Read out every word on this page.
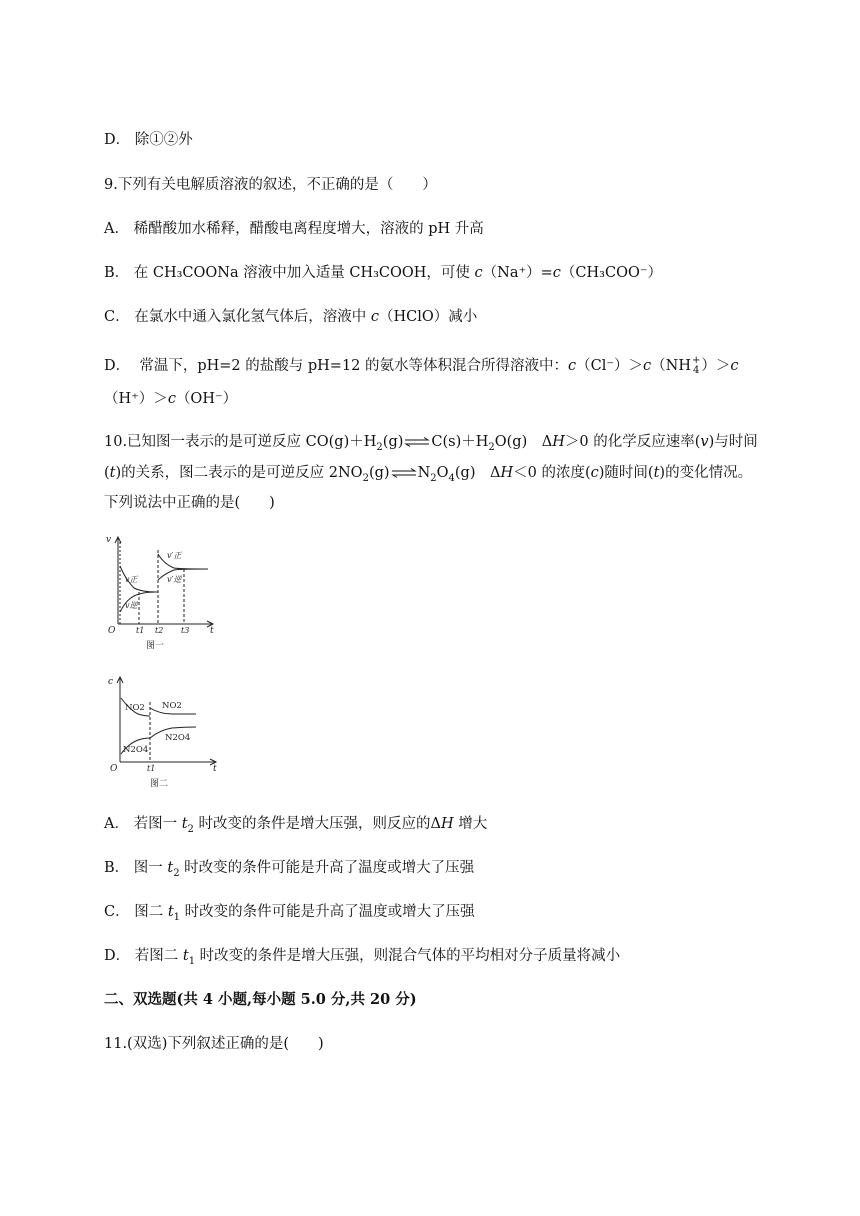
D． 除①②外
9.下列有关电解质溶液的叙述，不正确的是（　　）
A． 稀醋酸加水稀释，醋酸电离程度增大，溶液的 pH 升高
B． 在 CH₃COONa 溶液中加入适量 CH₃COOH，可使 c（Na⁺）=c（CH₃COO⁻）
C． 在氯水中通入氯化氢气体后，溶液中 c（HClO）减小
D． 常温下，pH=2 的盐酸与 pH=12 的氨水等体积混合所得溶液中：c（Cl⁻）＞c（NH+
4 ）＞c
（H⁺）＞c（OH⁻）
10.已知图一表示的是可逆反应 $CO(g)+H_2(g)\rightleftharpoons C(s)+H_2O(g)$　ΔH＞0 的化学反应速率(v)与时间
(t)的关系，图二表示的是可逆反应 $2NO_2(g)\rightleftharpoons N_2O_4(g)$　ΔH＜0 的浓度(c)随时间(t)的变化情况。
下列说法中正确的是(　　)
v
O	t
v正
v逆
v′正
v′逆
t1 t2 t3
图一
c
O	t
NO2 NO2
N2O4
N2O4
t1
图二
A． 若图一 $t_2$ 时改变的条件是增大压强，则反应的ΔH 增大
B． 图一 $t_2$ 时改变的条件可能是升高了温度或增大了压强
C． 图二 $t_1$ 时改变的条件可能是升高了温度或增大了压强
D． 若图二 $t_1$ 时改变的条件是增大压强，则混合气体的平均相对分子质量将减小
二、双选题(共 4 小题,每小题 5.0 分,共 20 分)
11.(双选)下列叙述正确的是(　　)
